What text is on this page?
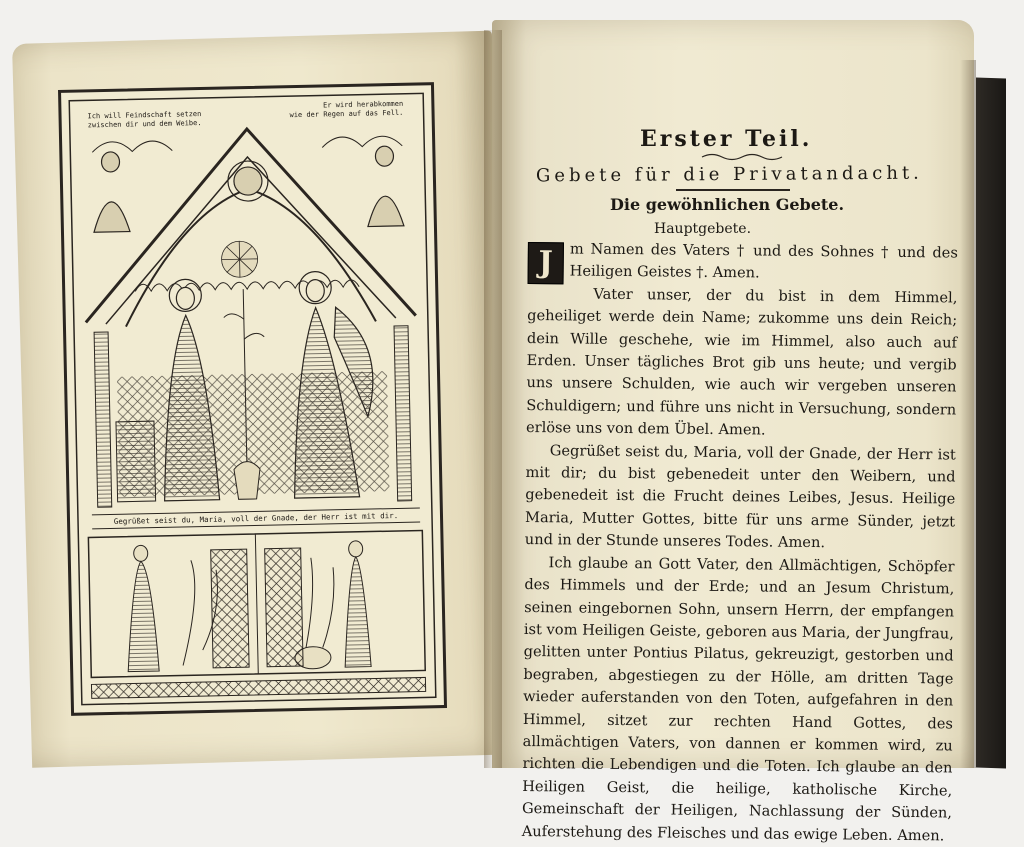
Ich will Feindschaft setzen
zwischen dir und dem Weibe.
Er wird herabkommen
wie der Regen auf das Fell.
Gegrüßet seist du, Maria, voll der Gnade, der Herr ist mit dir.
Erster Teil.
Gebete für die Privatandacht.
Die gewöhnlichen Gebete.
Hauptgebete.

J	m Namen des Vaters † und des Sohnes † und des Heiligen Geistes †. Amen.

Vater unser, der du bist in dem Himmel, geheiliget werde dein Name; zukomme uns dein Reich; dein Wille geschehe, wie im Himmel, also auch auf Erden. Unser tägliches Brot gib uns heute; und vergib uns unsere Schulden, wie auch wir vergeben unseren Schuldigern; und führe uns nicht in Versuchung, sondern erlöse uns von dem Übel. Amen.

Gegrüßet seist du, Maria, voll der Gnade, der Herr ist mit dir; du bist gebenedeit unter den Weibern, und gebenedeit ist die Frucht deines Leibes, Jesus. Heilige Maria, Mutter Gottes, bitte für uns arme Sünder, jetzt und in der Stunde unseres Todes. Amen.

Ich glaube an Gott Vater, den Allmächtigen, Schöpfer des Himmels und der Erde; und an Jesum Christum, seinen eingebornen Sohn, unsern Herrn, der empfangen ist vom Heiligen Geiste, geboren aus Maria, der Jungfrau, gelitten unter Pontius Pilatus, gekreuzigt, gestorben und begraben, abgestiegen zu der Hölle, am dritten Tage wieder auferstanden von den Toten, aufgefahren in den Himmel, sitzet zur rechten Hand Gottes, des allmächtigen Vaters, von dannen er kommen wird, zu richten die Lebendigen und die Toten. Ich glaube an den Heiligen Geist, die heilige, katholische Kirche, Gemeinschaft der Heiligen, Nachlassung der Sünden, Auferstehung des Fleisches und das ewige Leben. Amen.
